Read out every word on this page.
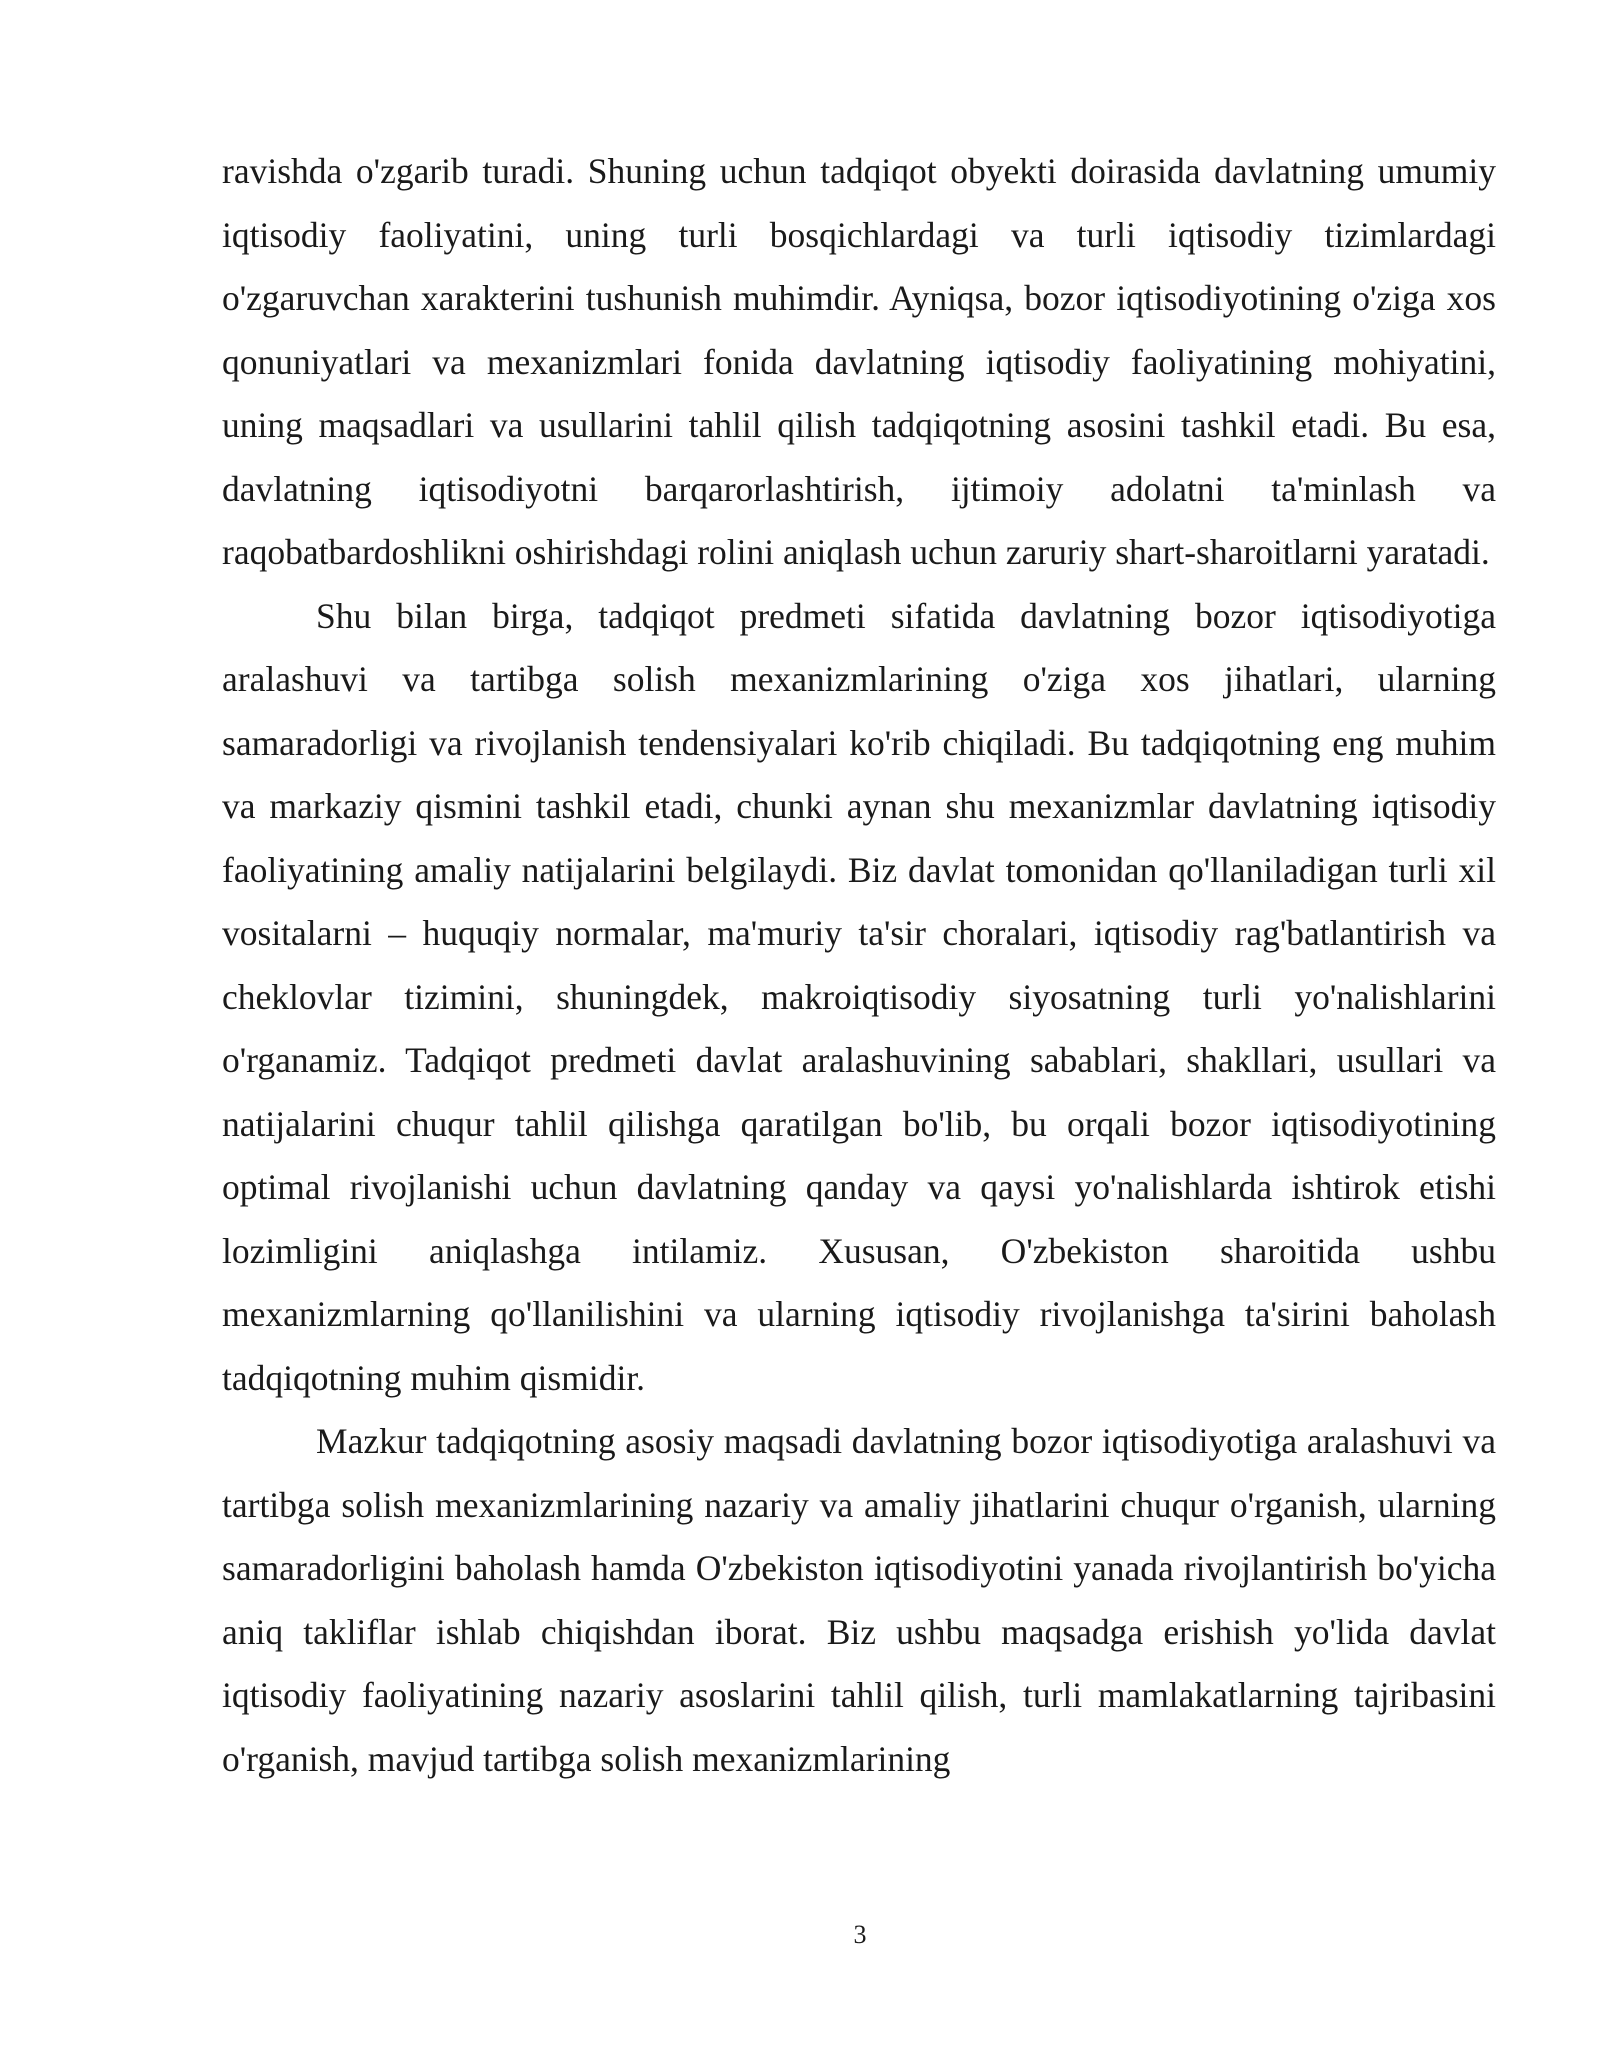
ravishda o'zgarib turadi. Shuning uchun tadqiqot obyekti doirasida davlatning umumiy iqtisodiy faoliyatini, uning turli bosqichlardagi va turli iqtisodiy tizimlardagi o'zgaruvchan xarakterini tushunish muhimdir. Ayniqsa, bozor iqtisodiyotining o'ziga xos qonuniyatlari va mexanizmlari fonida davlatning iqtisodiy faoliyatining mohiyatini, uning maqsadlari va usullarini tahlil qilish tadqiqotning asosini tashkil etadi. Bu esa, davlatning iqtisodiyotni barqarorlashtirish, ijtimoiy adolatni ta'minlash va raqobatbardoshlikni oshirishdagi rolini aniqlash uchun zaruriy shart-sharoitlarni yaratadi.

Shu bilan birga, tadqiqot predmeti sifatida davlatning bozor iqtisodiyotiga aralashuvi va tartibga solish mexanizmlarining o'ziga xos jihatlari, ularning samaradorligi va rivojlanish tendensiyalari ko'rib chiqiladi. Bu tadqiqotning eng muhim va markaziy qismini tashkil etadi, chunki aynan shu mexanizmlar davlatning iqtisodiy faoliyatining amaliy natijalarini belgilaydi. Biz davlat tomonidan qo'llaniladigan turli xil vositalarni – huquqiy normalar, ma'muriy ta'sir choralari, iqtisodiy rag'batlantirish va cheklovlar tizimini, shuningdek, makroiqtisodiy siyosatning turli yo'nalishlarini o'rganamiz. Tadqiqot predmeti davlat aralashuvining sabablari, shakllari, usullari va natijalarini chuqur tahlil qilishga qaratilgan bo'lib, bu orqali bozor iqtisodiyotining optimal rivojlanishi uchun davlatning qanday va qaysi yo'nalishlarda ishtirok etishi lozimligini aniqlashga intilamiz. Xususan, O'zbekiston sharoitida ushbu mexanizmlarning qo'llanilishini va ularning iqtisodiy rivojlanishga ta'sirini baholash tadqiqotning muhim qismidir.

Mazkur tadqiqotning asosiy maqsadi davlatning bozor iqtisodiyotiga aralashuvi va tartibga solish mexanizmlarining nazariy va amaliy jihatlarini chuqur o'rganish, ularning samaradorligini baholash hamda O'zbekiston iqtisodiyotini yanada rivojlantirish bo'yicha aniq takliflar ishlab chiqishdan iborat. Biz ushbu maqsadga erishish yo'lida davlat iqtisodiy faoliyatining nazariy asoslarini tahlil qilish, turli mamlakatlarning tajribasini o'rganish, mavjud tartibga solish mexanizmlarining

3
